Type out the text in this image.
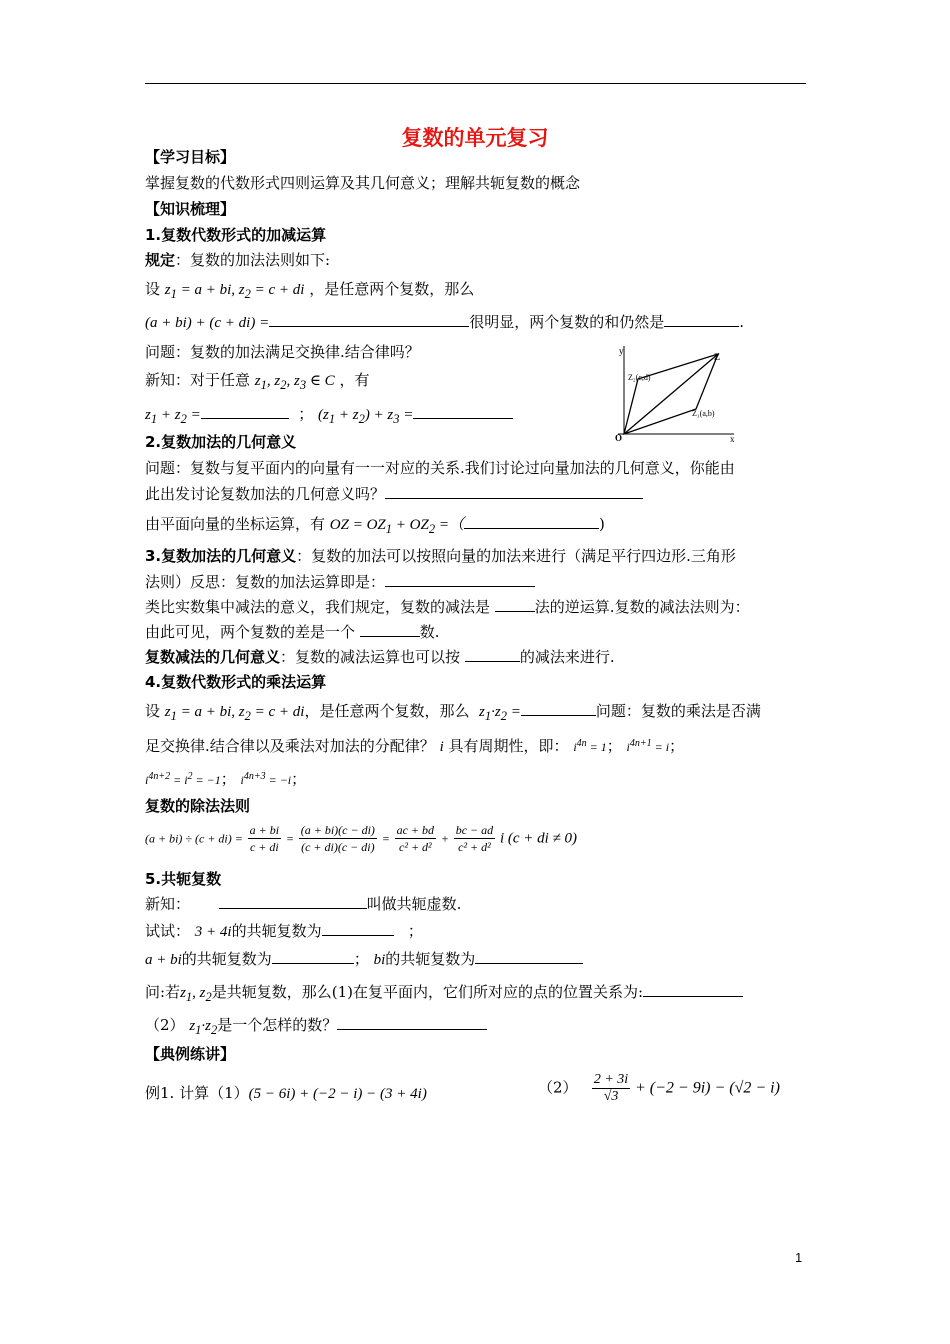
复数的单元复习
【学习目标】
掌握复数的代数形式四则运算及其几何意义；理解共轭复数的概念
【知识梳理】
1.复数代数形式的加减运算
规定：复数的加法法则如下:
设 $z_1 = a$ + bi, $z_2 = c$ + di ，是任意两个复数，那么
(a + bi) + (c + di) =	很明显，两个复数的和仍然是	.
问题：复数的加法满足交换律.结合律吗？
新知：对于任意 $z_1$, $z_2$, $z_3$ ∈ C ，有
$z_1 + z_2$ =	； $(z_1 + z_2) + z_3$ =
y
x
O
Z
Z₂(c,d)
Z₁(a,b)
2.复数加法的几何意义
问题：复数与复平面内的向量有一一对应的关系.我们讨论过向量加法的几何意义，你能由
此出发讨论复数加法的几何意义吗？
由平面向量的坐标运算，有 OZ = $OZ_1 + OZ_2$ =（	)
3.复数加法的几何意义：复数的加法可以按照向量的加法来进行（满足平行四边形.三角形
法则）反思：复数的加法运算即是：
类比实数集中减法的意义，我们规定，复数的减法是	法的逆运算.复数的减法法则为：
由此可见，两个复数的差是一个	数.
复数减法的几何意义：复数的减法运算也可以按	的减法来进行.
4.复数代数形式的乘法运算
设 $z_1 = a$ + bi, $z_2 = c$ + di，是任意两个复数，那么 $z_1\cdot z_2$ =	问题：复数的乘法是否满
足交换律.结合律以及乘法对加法的分配律？ i 具有周期性，即： $i^{4n} = 1$； $i^{4n+1} = i$；
$i^{4n+2} = i^2 = -1$； $i^{4n+3} = -i$；
复数的除法法则
$(a + bi) \div (c + di) = \frac{a + bi}{c + di} = \frac{(a + bi)(c - di)}{(c + di)(c - di)} = \frac{ac + bd}{\text{c² + d²}} + \frac{bc - ad}{\text{c² + d²}}$ i (c + di ≠ 0)
5.共轭复数
新知：	叫做共轭虚数.
试试： 3 + 4i的共轭复数为	；
a + bi的共轭复数为	； bi的共轭复数为
问:若$z_1$, $z_2$是共轭复数，那么(1)在复平面内，它们所对应的点的位置关系为:
（2） $z_1\cdot z_2$是一个怎样的数？
【典例练讲】
例1. 计算（1）(5 − 6i) + (−2 − i) − (3 + 4i)	$(2) \frac{2 + 3i}{√3} + (-2 - 9i) - (√2 - i)$
1
